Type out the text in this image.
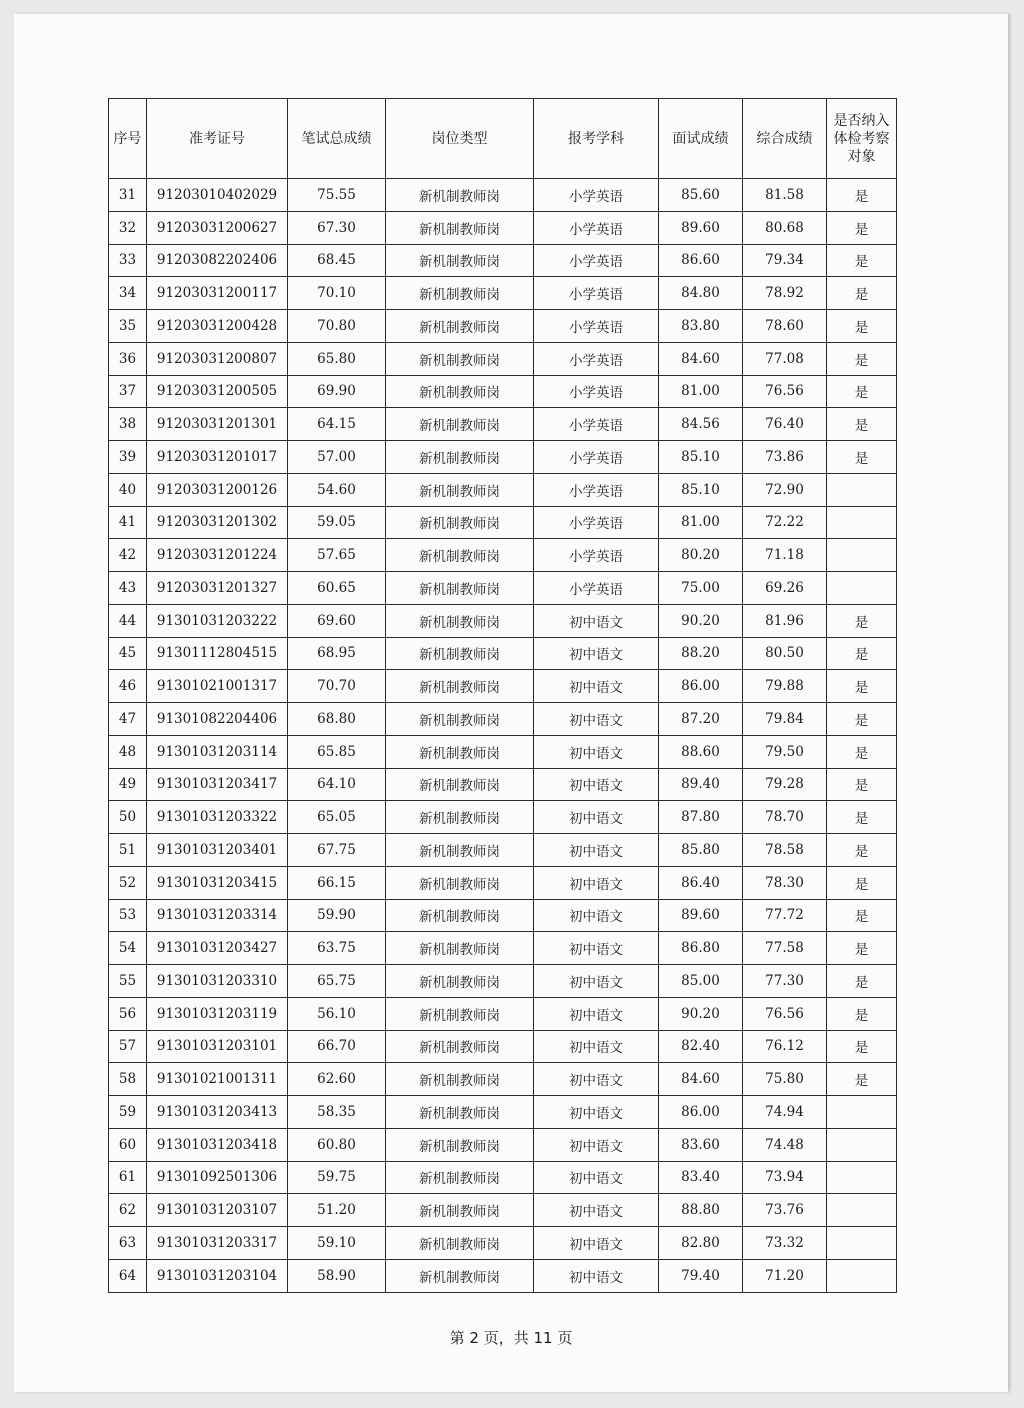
序号	准考证号	笔试总成绩	岗位类型	报考学科	面试成绩	综合成绩	是否纳入体检考察对象
31	91203010402029	75.55	新机制教师岗	小学英语	85.60	81.58	是
32	91203031200627	67.30	新机制教师岗	小学英语	89.60	80.68	是
33	91203082202406	68.45	新机制教师岗	小学英语	86.60	79.34	是
34	91203031200117	70.10	新机制教师岗	小学英语	84.80	78.92	是
35	91203031200428	70.80	新机制教师岗	小学英语	83.80	78.60	是
36	91203031200807	65.80	新机制教师岗	小学英语	84.60	77.08	是
37	91203031200505	69.90	新机制教师岗	小学英语	81.00	76.56	是
38	91203031201301	64.15	新机制教师岗	小学英语	84.56	76.40	是
39	91203031201017	57.00	新机制教师岗	小学英语	85.10	73.86	是
40	91203031200126	54.60	新机制教师岗	小学英语	85.10	72.90	
41	91203031201302	59.05	新机制教师岗	小学英语	81.00	72.22	
42	91203031201224	57.65	新机制教师岗	小学英语	80.20	71.18	
43	91203031201327	60.65	新机制教师岗	小学英语	75.00	69.26	
44	91301031203222	69.60	新机制教师岗	初中语文	90.20	81.96	是
45	91301112804515	68.95	新机制教师岗	初中语文	88.20	80.50	是
46	91301021001317	70.70	新机制教师岗	初中语文	86.00	79.88	是
47	91301082204406	68.80	新机制教师岗	初中语文	87.20	79.84	是
48	91301031203114	65.85	新机制教师岗	初中语文	88.60	79.50	是
49	91301031203417	64.10	新机制教师岗	初中语文	89.40	79.28	是
50	91301031203322	65.05	新机制教师岗	初中语文	87.80	78.70	是
51	91301031203401	67.75	新机制教师岗	初中语文	85.80	78.58	是
52	91301031203415	66.15	新机制教师岗	初中语文	86.40	78.30	是
53	91301031203314	59.90	新机制教师岗	初中语文	89.60	77.72	是
54	91301031203427	63.75	新机制教师岗	初中语文	86.80	77.58	是
55	91301031203310	65.75	新机制教师岗	初中语文	85.00	77.30	是
56	91301031203119	56.10	新机制教师岗	初中语文	90.20	76.56	是
57	91301031203101	66.70	新机制教师岗	初中语文	82.40	76.12	是
58	91301021001311	62.60	新机制教师岗	初中语文	84.60	75.80	是
59	91301031203413	58.35	新机制教师岗	初中语文	86.00	74.94	
60	91301031203418	60.80	新机制教师岗	初中语文	83.60	74.48	
61	91301092501306	59.75	新机制教师岗	初中语文	83.40	73.94	
62	91301031203107	51.20	新机制教师岗	初中语文	88.80	73.76	
63	91301031203317	59.10	新机制教师岗	初中语文	82.80	73.32	
64	91301031203104	58.90	新机制教师岗	初中语文	79.40	71.20	
第 2 页，共 11 页
